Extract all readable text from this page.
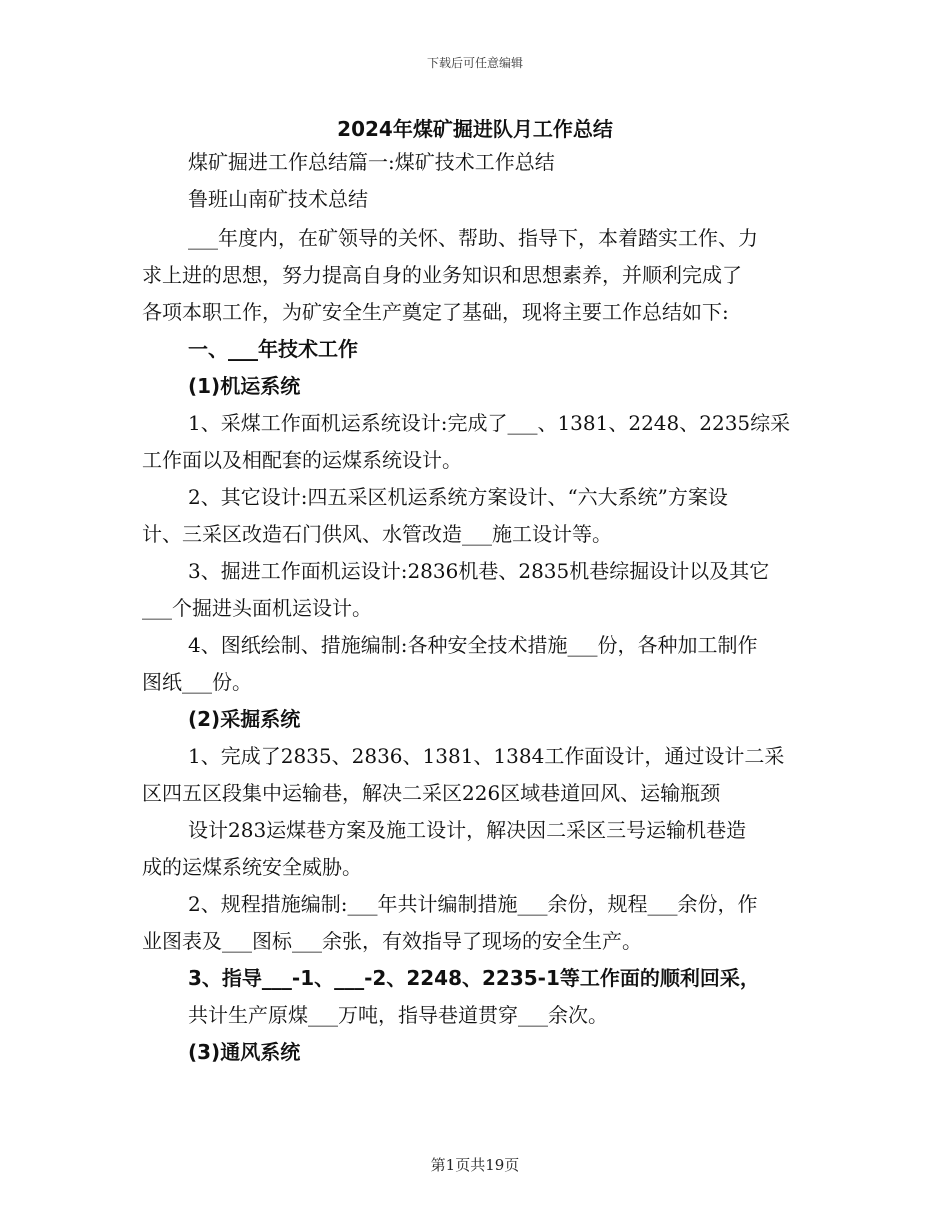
下载后可任意编辑
2024年煤矿掘进队月工作总结
煤矿掘进工作总结篇一:煤矿技术工作总结
鲁班山南矿技术总结
___年度内，在矿领导的关怀、帮助、指导下，本着踏实工作、力
求上进的思想，努力提高自身的业务知识和思想素养，并顺利完成了
各项本职工作，为矿安全生产奠定了基础，现将主要工作总结如下:
一、___年技术工作
(1)机运系统
1、采煤工作面机运系统设计:完成了___、1381、2248、2235综采
工作面以及相配套的运煤系统设计。
2、其它设计:四五采区机运系统方案设计、“六大系统”方案设
计、三采区改造石门供风、水管改造___施工设计等。
3、掘进工作面机运设计:2836机巷、2835机巷综掘设计以及其它
___个掘进头面机运设计。
4、图纸绘制、措施编制:各种安全技术措施___份，各种加工制作
图纸___份。
(2)采掘系统
1、完成了2835、2836、1381、1384工作面设计，通过设计二采
区四五区段集中运输巷，解决二采区226区域巷道回风、运输瓶颈
设计283运煤巷方案及施工设计，解决因二采区三号运输机巷造
成的运煤系统安全威胁。
2、规程措施编制:___年共计编制措施___余份，规程___余份，作
业图表及___图标___余张，有效指导了现场的安全生产。
3、指导___-1、___-2、2248、2235-1等工作面的顺利回采，
共计生产原煤___万吨，指导巷道贯穿___余次。
(3)通风系统
第1页共19页
